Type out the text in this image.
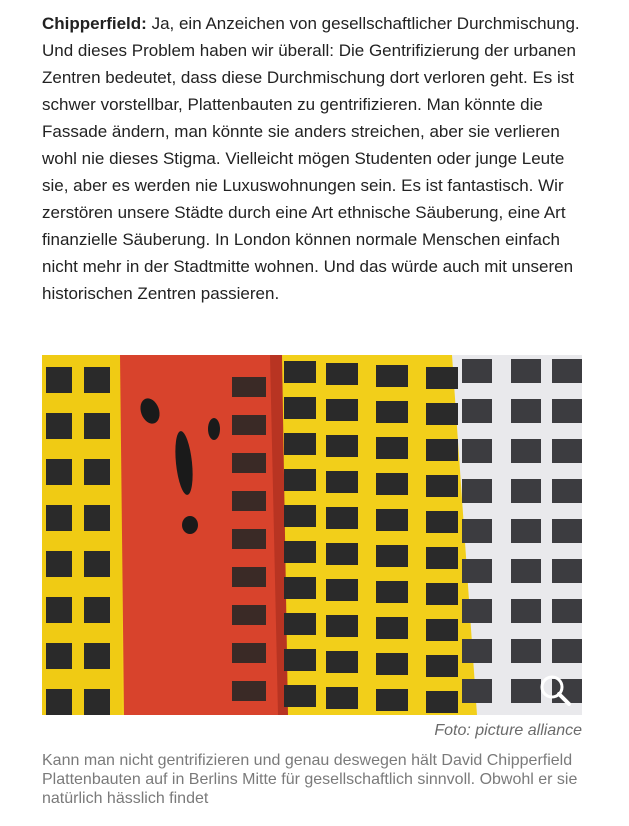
Chipperfield: Ja, ein Anzeichen von gesellschaftlicher Durchmischung. Und dieses Problem haben wir überall: Die Gentrifizierung der urbanen Zentren bedeutet, dass diese Durchmischung dort verloren geht. Es ist schwer vorstellbar, Plattenbauten zu gentrifizieren. Man könnte die Fassade ändern, man könnte sie anders streichen, aber sie verlieren wohl nie dieses Stigma. Vielleicht mögen Studenten oder junge Leute sie, aber es werden nie Luxuswohnungen sein. Es ist fantastisch. Wir zerstören unsere Städte durch eine Art ethnische Säuberung, eine Art finanzielle Säuberung. In London können normale Menschen einfach nicht mehr in der Stadtmitte wohnen. Und das würde auch mit unseren historischen Zentren passieren.

Foto: picture alliance
Kann man nicht gentrifizieren und genau deswegen hält David Chipperfield Plattenbauten auf in Berlins Mitte für gesellschaftlich sinnvoll. Obwohl er sie natürlich hässlich findet
